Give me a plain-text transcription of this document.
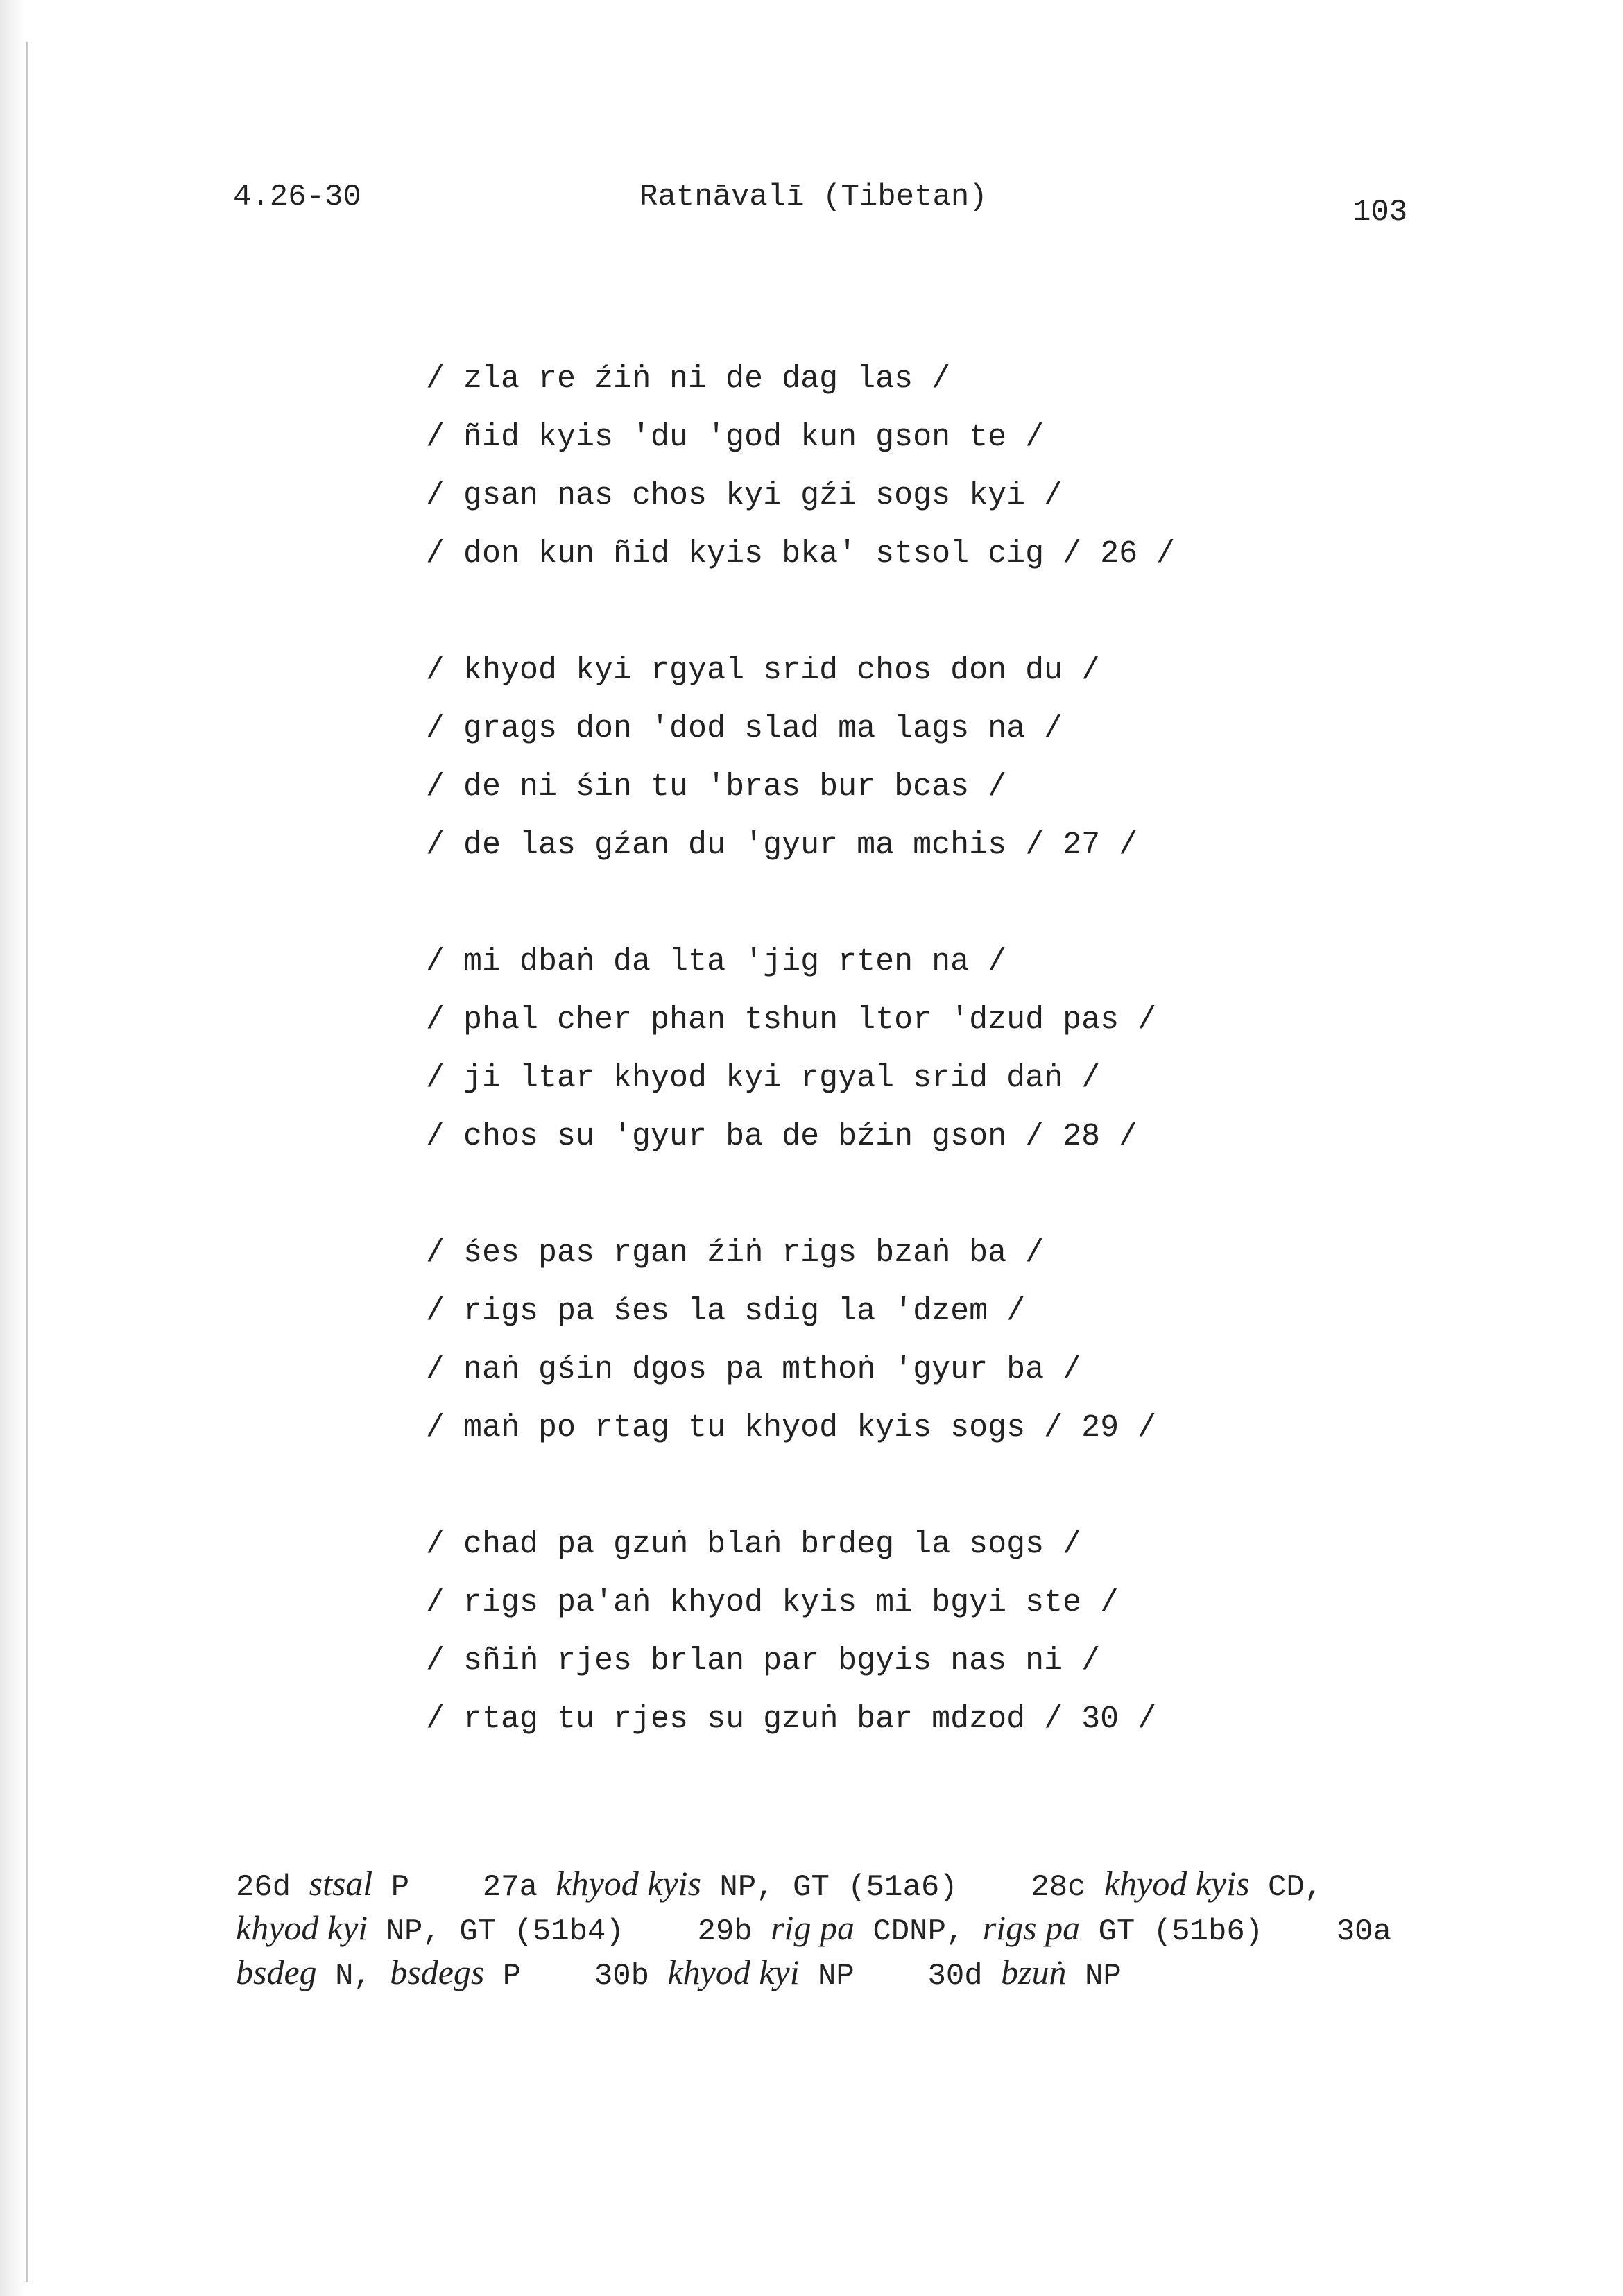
4.26-30	Ratnāvalī (Tibetan)	103
/ zla re źiṅ ni de dag las /
/ ñid kyis 'du 'god kun gson te /
/ gsan nas chos kyi gźi sogs kyi /
/ don kun ñid kyis bka' stsol cig / 26 /
/ khyod kyi rgyal srid chos don du /
/ grags don 'dod slad ma lags na /
/ de ni śin tu 'bras bur bcas /
/ de las gźan du 'gyur ma mchis / 27 /
/ mi dbaṅ da lta 'jig rten na /
/ phal cher phan tshun ltor 'dzud pas /
/ ji ltar khyod kyi rgyal srid daṅ /
/ chos su 'gyur ba de bźin gson / 28 /
/ śes pas rgan źiṅ rigs bzaṅ ba /
/ rigs pa śes la sdig la 'dzem /
/ naṅ gśin dgos pa mthoṅ 'gyur ba /
/ maṅ po rtag tu khyod kyis sogs / 29 /
/ chad pa gzuṅ blaṅ brdeg la sogs /
/ rigs pa'aṅ khyod kyis mi bgyi ste /
/ sñiṅ rjes brlan par bgyis nas ni /
/ rtag tu rjes su gzuṅ bar mdzod / 30 /
26d stsal P 27a khyod kyis NP, GT (51a6) 28c khyod kyis CD, khyod kyi NP, GT (51b4) 29b rig pa CDNP, rigs pa GT (51b6) 30a bsdeg N, bsdegs P 30b khyod kyi NP 30d bzuṅ NP
